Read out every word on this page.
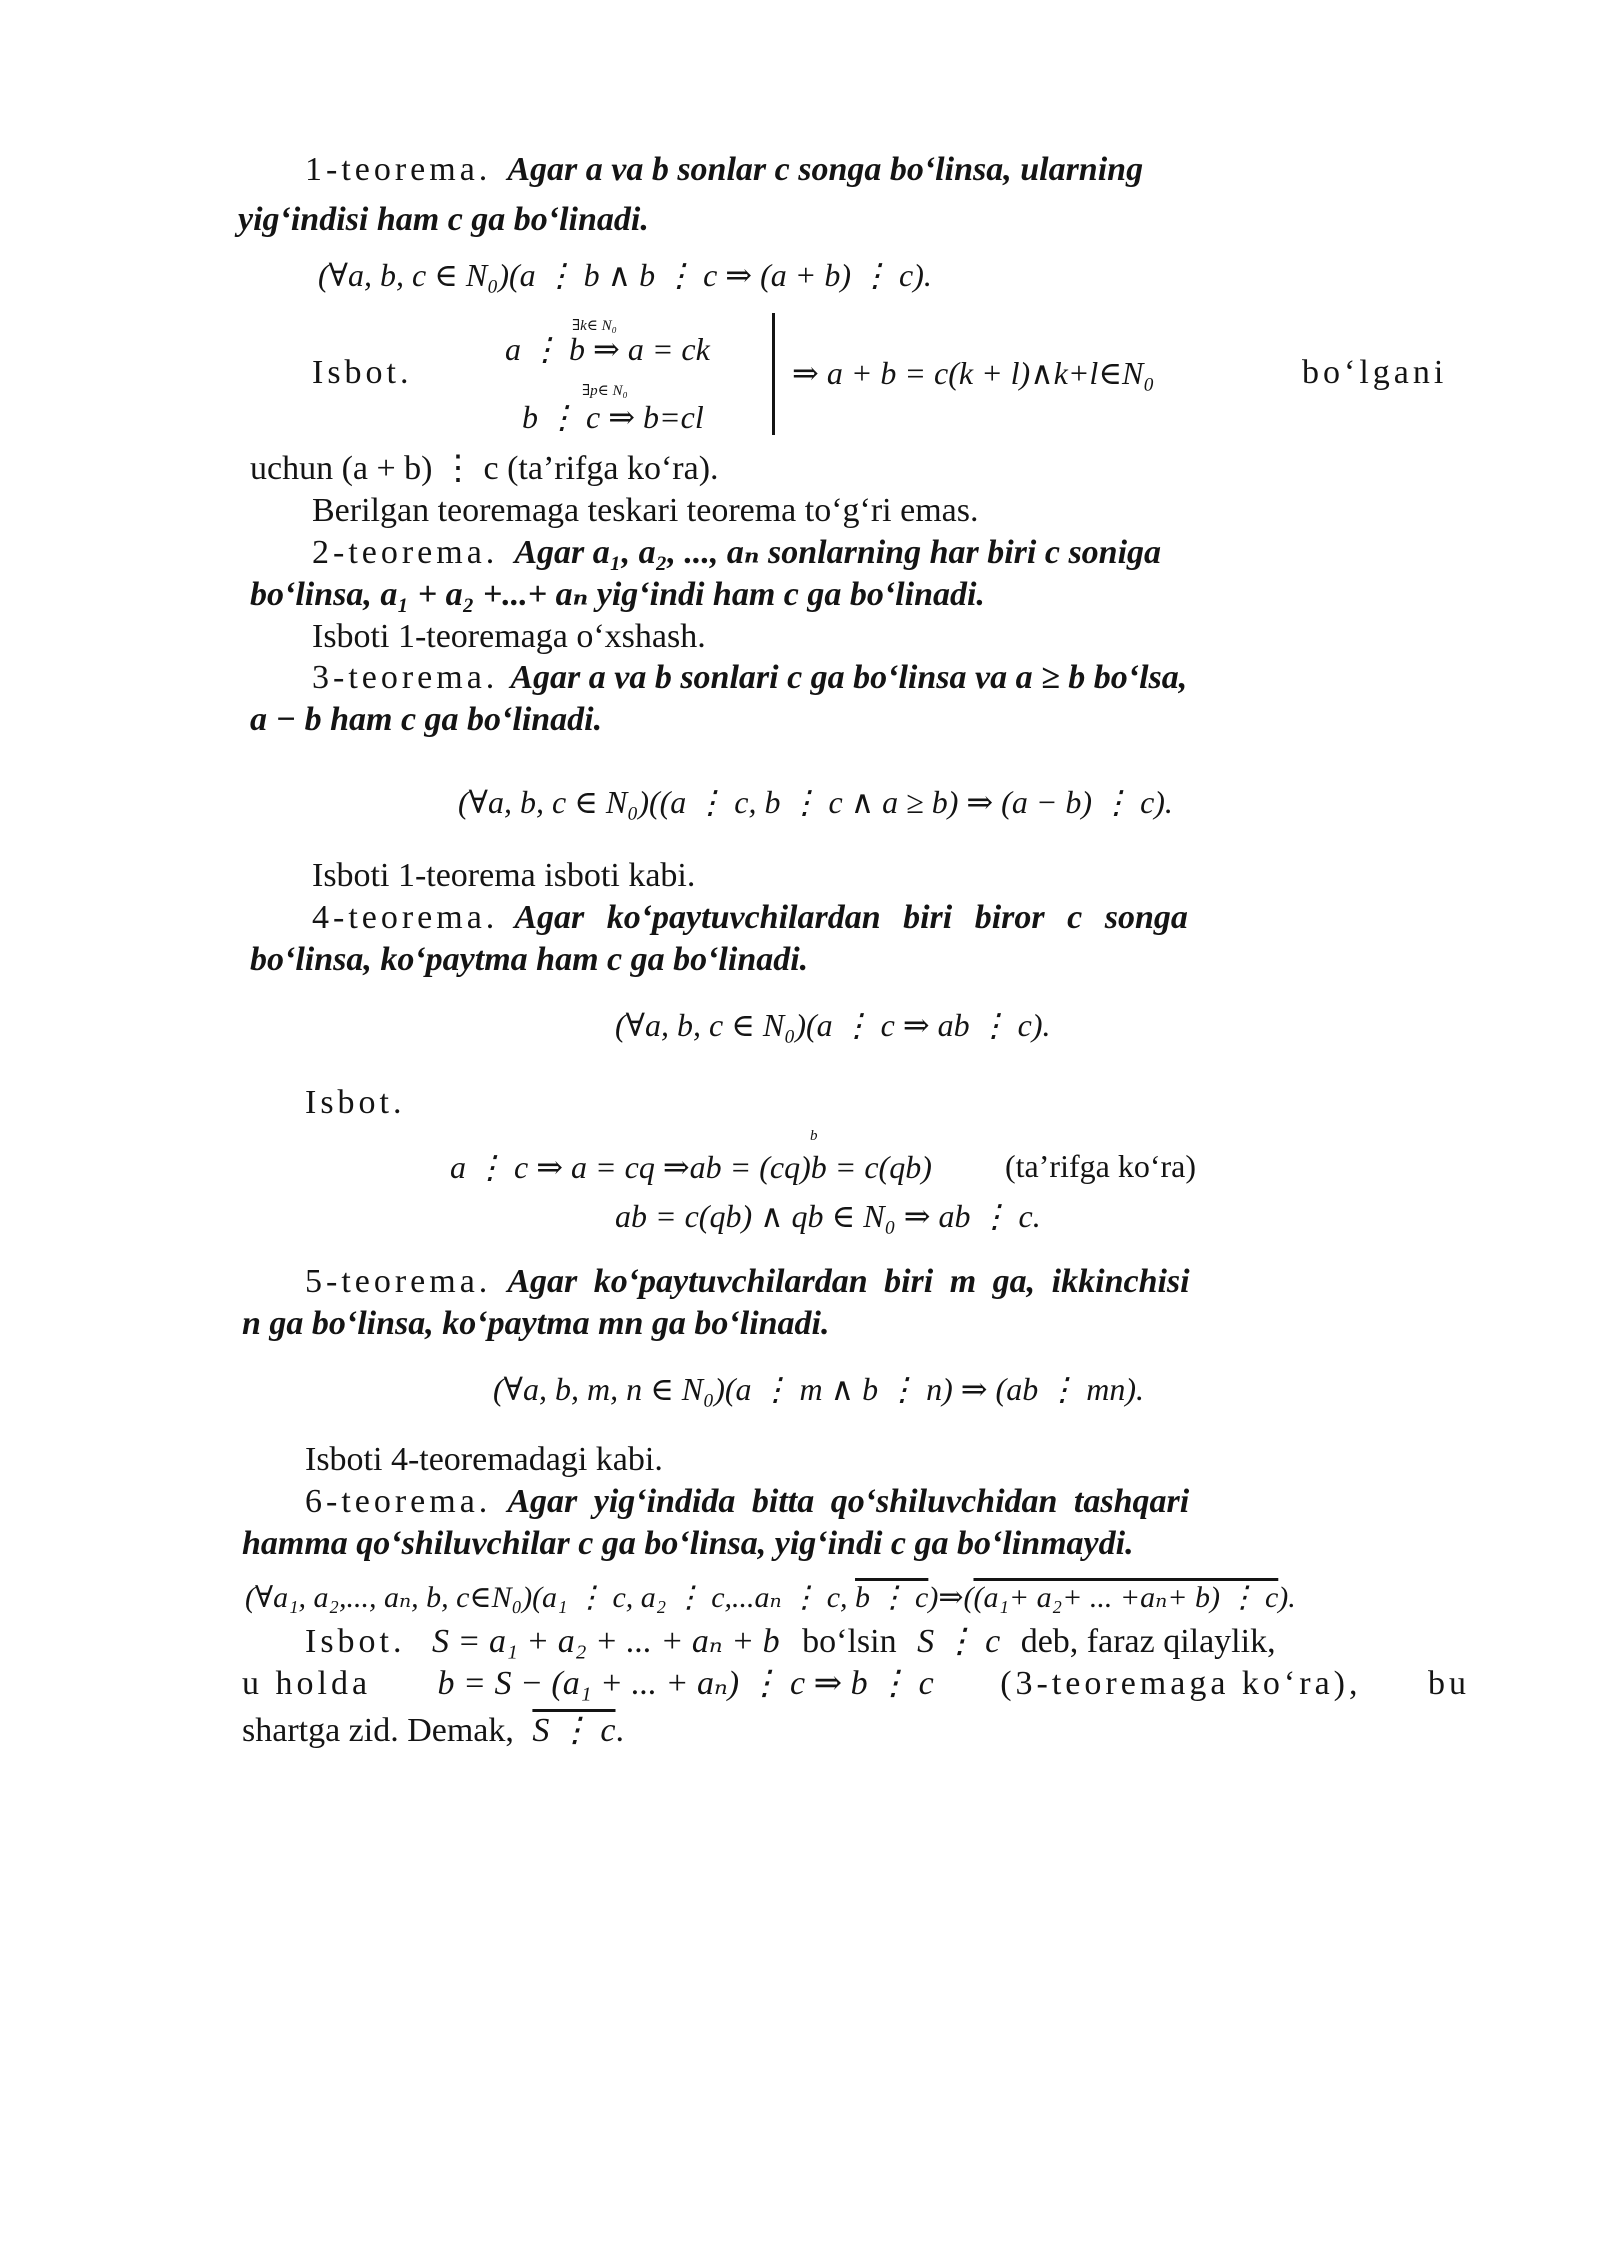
1-teorema. Agar a va b sonlar c songa bo‘linsa, ularning
yig‘indisi ham c ga bo‘linadi.
(∀a, b, c ∈ N₀)(a ⋮ b ∧ b ⋮ c ⇒ (a + b) ⋮ c).
Isbot.
∃k∈ N₀
a ⋮ b ⇒ a = ck
∃p∈ N₀
b ⋮ c ⇒ b=cl
⇒ a + b = c(k + l)∧k+l∈N₀	bo‘lgani
uchun (a + b) ⋮ c (ta’rifga ko‘ra).
Berilgan teoremaga teskari teorema to‘g‘ri emas.
2-teorema. Agar a₁, a₂, ..., aₙ sonlarning har biri c soniga
bo‘linsa, a₁ + a₂ +...+ aₙ yig‘indi ham c ga bo‘linadi.
Isboti 1-teoremaga o‘xshash.
3-teorema. Agar a va b sonlari c ga bo‘linsa va a ≥ b bo‘lsa,
a − b ham c ga bo‘linadi.
(∀a, b, c ∈ N₀)((a ⋮ c, b ⋮ c ∧ a ≥ b) ⇒ (a − b) ⋮ c).
Isboti 1-teorema isboti kabi.
4-teorema. Agar ko‘paytuvchilardan biri biror c songa
bo‘linsa, ko‘paytma ham c ga bo‘linadi.
(∀a, b, c ∈ N₀)(a ⋮ c ⇒ ab ⋮ c).
Isbot.
b
a ⋮ c ⇒ a = cq ⇒ab = (cq)b = c(qb) (ta’rifga ko‘ra)
ab = c(qb) ∧ qb ∈ N₀ ⇒ ab ⋮ c.
5-teorema. Agar ko‘paytuvchilardan biri m ga, ikkinchisi
n ga bo‘linsa, ko‘paytma mn ga bo‘linadi.
(∀a, b, m, n ∈ N₀)(a ⋮ m ∧ b ⋮ n) ⇒ (ab ⋮ mn).
Isboti 4-teoremadagi kabi.
6-teorema. Agar yig‘indida bitta qo‘shiluvchidan tashqari
hamma qo‘shiluvchilar c ga bo‘linsa, yig‘indi c ga bo‘linmaydi.
(∀a₁, a₂,..., aₙ, b, c∈N₀)(a₁ ⋮ c, a₂ ⋮ c,...aₙ ⋮ c, b ⋮ c)⇒((a₁+ a₂+ ... +aₙ+ b) ⋮ c).
Isbot. S = a₁ + a₂ + ... + aₙ + b bo‘lsin S ⋮ c deb, faraz qilaylik,
u holda b = S − (a₁ + ... + aₙ) ⋮ c ⇒ b ⋮ c (3-teoremaga ko‘ra), bu
shartga zid. Demak, S ⋮ c.
